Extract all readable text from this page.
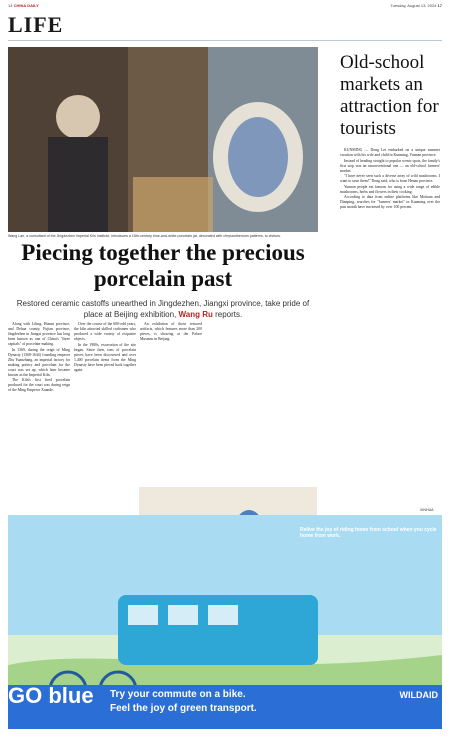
14 CHINA DAILY	Tuesday, August 13, 2024 17
LIFE
Wang Lan, a consultant of the Jingdezhen Imperial Kiln Institute, introduces a 15th-century blue-and-white porcelain jar, decorated with chrysanthemum patterns, to visitors.
Old-school markets an attraction for tourists

KUNMING — Dong Lei embarked on a unique summer vacation with his wife and child in Kunming, Yunnan province.

Instead of heading straight to popular scenic spots, the family's first stop was an unconventional one — an old-school farmers' market.

"I have never seen such a diverse array of wild mushrooms. I want to taste them!" Dong said, who is from Henan province.

Yunnan people eat famous for using a wide range of edible mushrooms, herbs and flowers in their cooking.

According to data from online platforms like Meituan and Dianping, searches for "farmers' market" in Kunming over the past month have increased by over 100 percent.

XINHUA
Piecing together the precious porcelain past
Restored ceramic castoffs unearthed in Jingdezhen, Jiangxi province, take pride of place at Beijing exhibition, Wang Ru reports.

Along with Liling, Hunan province, and Dehua county, Fujian province, Jingdezhen in Jiangxi province has long been known as one of China's "three capitals" of porcelain-making.

In 1369, during the reign of Ming Dynasty (1368-1644) founding emperor Zhu Yuanzhang, an imperial factory for making pottery and porcelain for the court was set up, which later became known as the Imperial Kiln.

The Kiln's first fired porcelain produced for the court was during reign of the Ming Emperor Xuande.

Over the course of the 600-odd years, the kiln attracted skilled craftsmen who produced a wide variety of exquisite objects.

In the 1980s, excavation of the site began. Since then, tons of porcelain pieces have been discovered and over 1,400 porcelain items from the Ming Dynasty have been pieced back together again.

An exhibition of those restored artifacts, which features more than 200 pieces, is showing at the Palace Museum in Beijing.

Relive the joy of riding home from school when you cycle home from work.
GO blue Try your commute on a bike.
Feel the joy of green transport.
WILDAID
